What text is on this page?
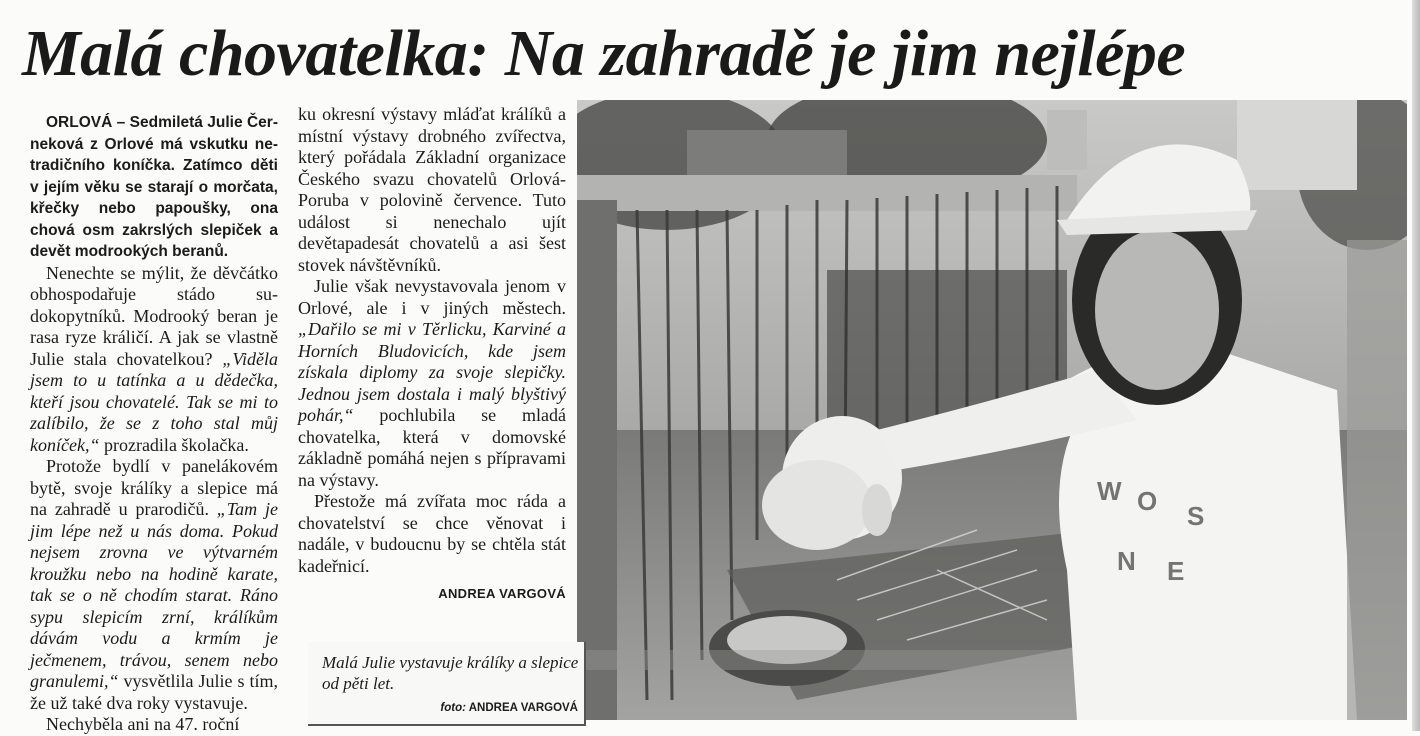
Malá chovatelka: Na zahradě je jim nejlépe

ORLOVÁ – Sedmiletá Julie Černeková z Orlové má vskutku netradičního koníčka. Zatímco děti v jejím věku se starají o morčata, křečky nebo papoušky, ona chová osm zakrslých slepiček a devět modrookých beranů.

Nenechte se mýlit, že děvčátko obhospodařuje stádo sudokopytníků. Modrooký beran je rasa ryze králičí. A jak se vlastně Julie stala chovatelkou? „Viděla jsem to u tatínka a u dědečka, kteří jsou chovatelé. Tak se mi to zalíbilo, že se z toho stal můj koníček,“ prozradila školačka.

Protože bydlí v panelákovém bytě, svoje králíky a slepice má na zahradě u prarodičů. „Tam je jim lépe než u nás doma. Pokud nejsem zrovna ve výtvarném kroužku nebo na hodině karate, tak se o ně chodím starat. Ráno sypu slepicím zrní, králíkům dávám vodu a krmím je ječmenem, trávou, senem nebo granulemi,“ vysvětlila Julie s tím, že už také dva roky vystavuje.

Nechyběla ani na 47. roční

ku okresní výstavy mláďat králíků a místní výstavy drobného zvířectva, který pořádala Základní organizace Českého svazu chovatelů Orlová-Poruba v polovině července. Tuto událost si nenechalo ujít devětapadesát chovatelů a asi šest stovek návštěvníků.

Julie však nevystavovala jenom v Orlové, ale i v jiných městech. „Dařilo se mi v Těrlicku, Karviné a Horních Bludovicích, kde jsem získala diplomy za svoje slepičky. Jednou jsem dostala i malý blyštivý pohár,“ pochlubila se mladá chovatelka, která v domovské základně pomáhá nejen s přípravami na výstavy.

Přestože má zvířata moc ráda a chovatelství se chce věnovat i nadále, v budoucnu by se chtěla stát kadeřnicí.

ANDREA VARGOVÁ
W O S
N E
Malá Julie vystavuje králíky a slepice od pěti let.
foto: ANDREA VARGOVÁ
